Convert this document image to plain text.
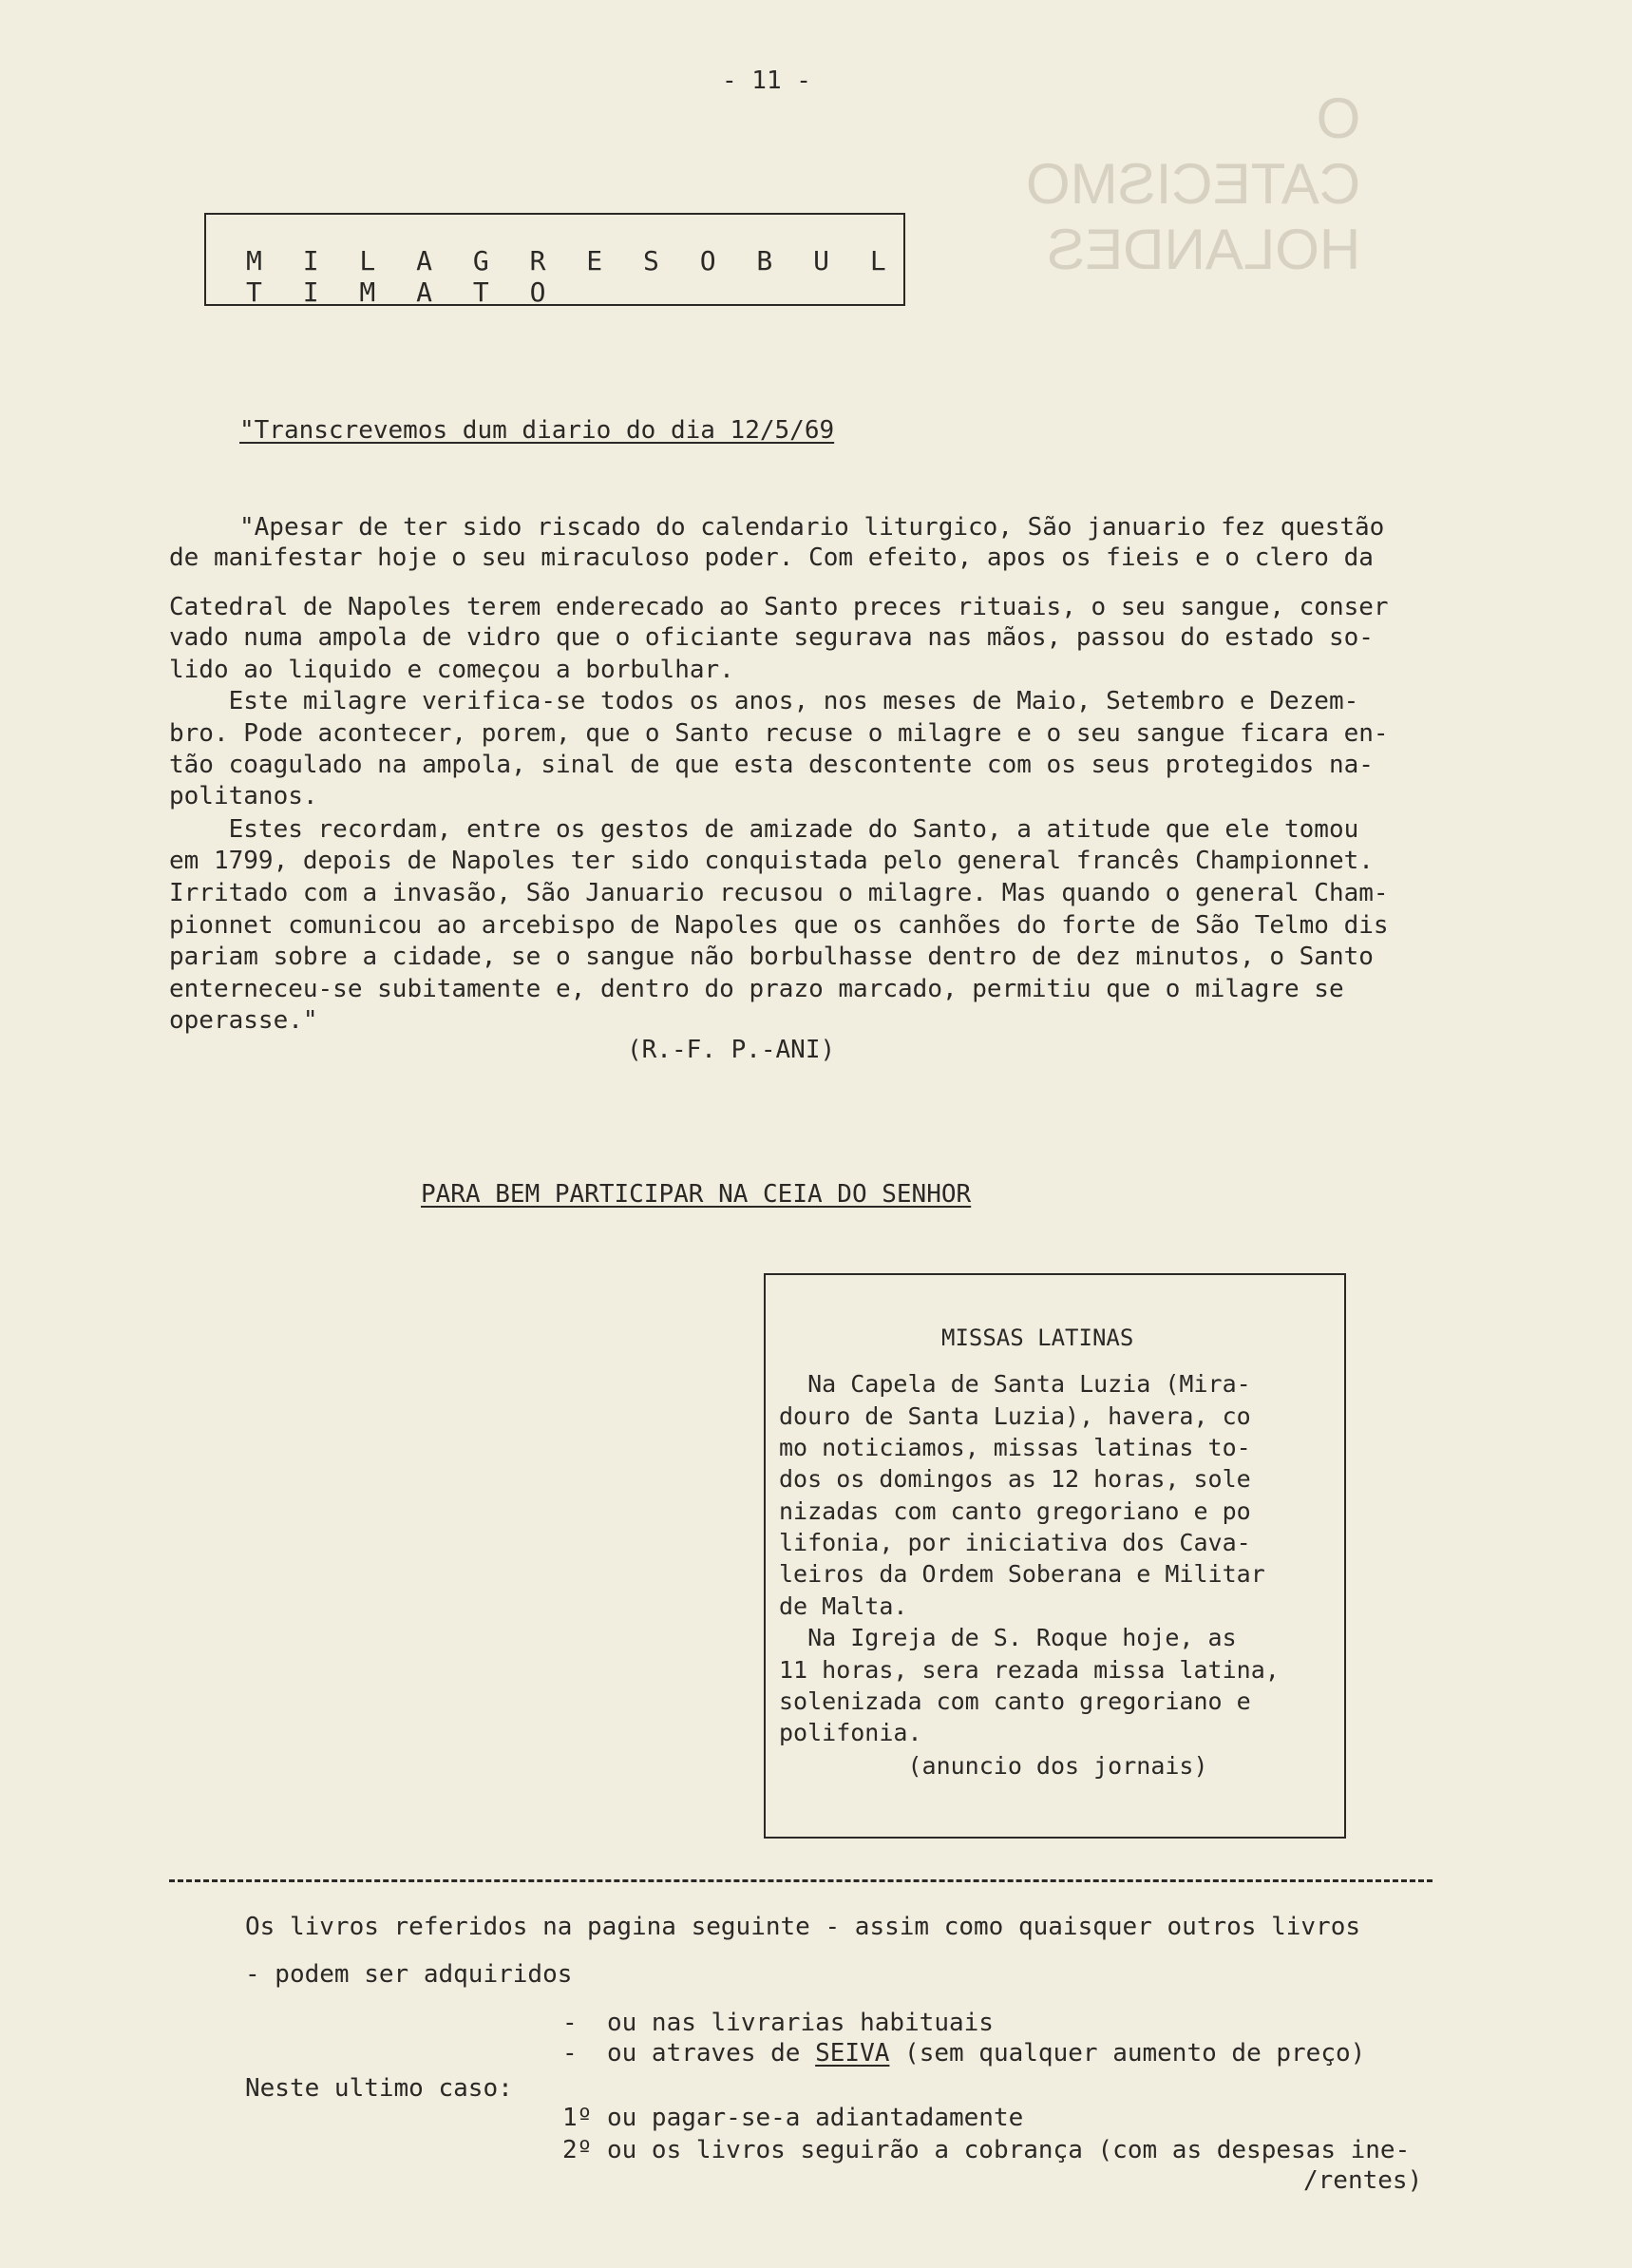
O
CATECISMO
HOLANDES
- 11 -
M I L A G R E S O B U L T I M A T O
"Transcrevemos dum diario do dia 12/5/69
"Apesar de ter sido riscado do calendario liturgico, São januario fez questão
de manifestar hoje o seu miraculoso poder. Com efeito, apos os fieis e o clero da
Catedral de Napoles terem enderecado ao Santo preces rituais, o seu sangue, conser
vado numa ampola de vidro que o oficiante segurava nas mãos, passou do estado so-
lido ao liquido e começou a borbulhar.
Este milagre verifica-se todos os anos, nos meses de Maio, Setembro e Dezem-
bro. Pode acontecer, porem, que o Santo recuse o milagre e o seu sangue ficara en-
tão coagulado na ampola, sinal de que esta descontente com os seus protegidos na-
politanos.
Estes recordam, entre os gestos de amizade do Santo, a atitude que ele tomou
em 1799, depois de Napoles ter sido conquistada pelo general francês Championnet.
Irritado com a invasão, São Januario recusou o milagre. Mas quando o general Cham-
pionnet comunicou ao arcebispo de Napoles que os canhões do forte de São Telmo dis
pariam sobre a cidade, se o sangue não borbulhasse dentro de dez minutos, o Santo
enterneceu-se subitamente e, dentro do prazo marcado, permitiu que o milagre se
operasse."
(R.-F. P.-ANI)
PARA BEM PARTICIPAR NA CEIA DO SENHOR
MISSAS LATINAS
Na Capela de Santa Luzia (Mira-
douro de Santa Luzia), havera, co
mo noticiamos, missas latinas to-
dos os domingos as 12 horas, sole
nizadas com canto gregoriano e po
lifonia, por iniciativa dos Cava-
leiros da Ordem Soberana e Militar
de Malta.
Na Igreja de S. Roque hoje, as
11 horas, sera rezada missa latina,
solenizada com canto gregoriano e
polifonia.
(anuncio dos jornais)
Os livros referidos na pagina seguinte - assim como quaisquer outros livros
- podem ser adquiridos
-  ou nas livrarias habituais
-  ou atraves de SEIVA (sem qualquer aumento de preço)
Neste ultimo caso:
1º ou pagar-se-a adiantadamente
2º ou os livros seguirão a cobrança (com as despesas ine-
/rentes)
